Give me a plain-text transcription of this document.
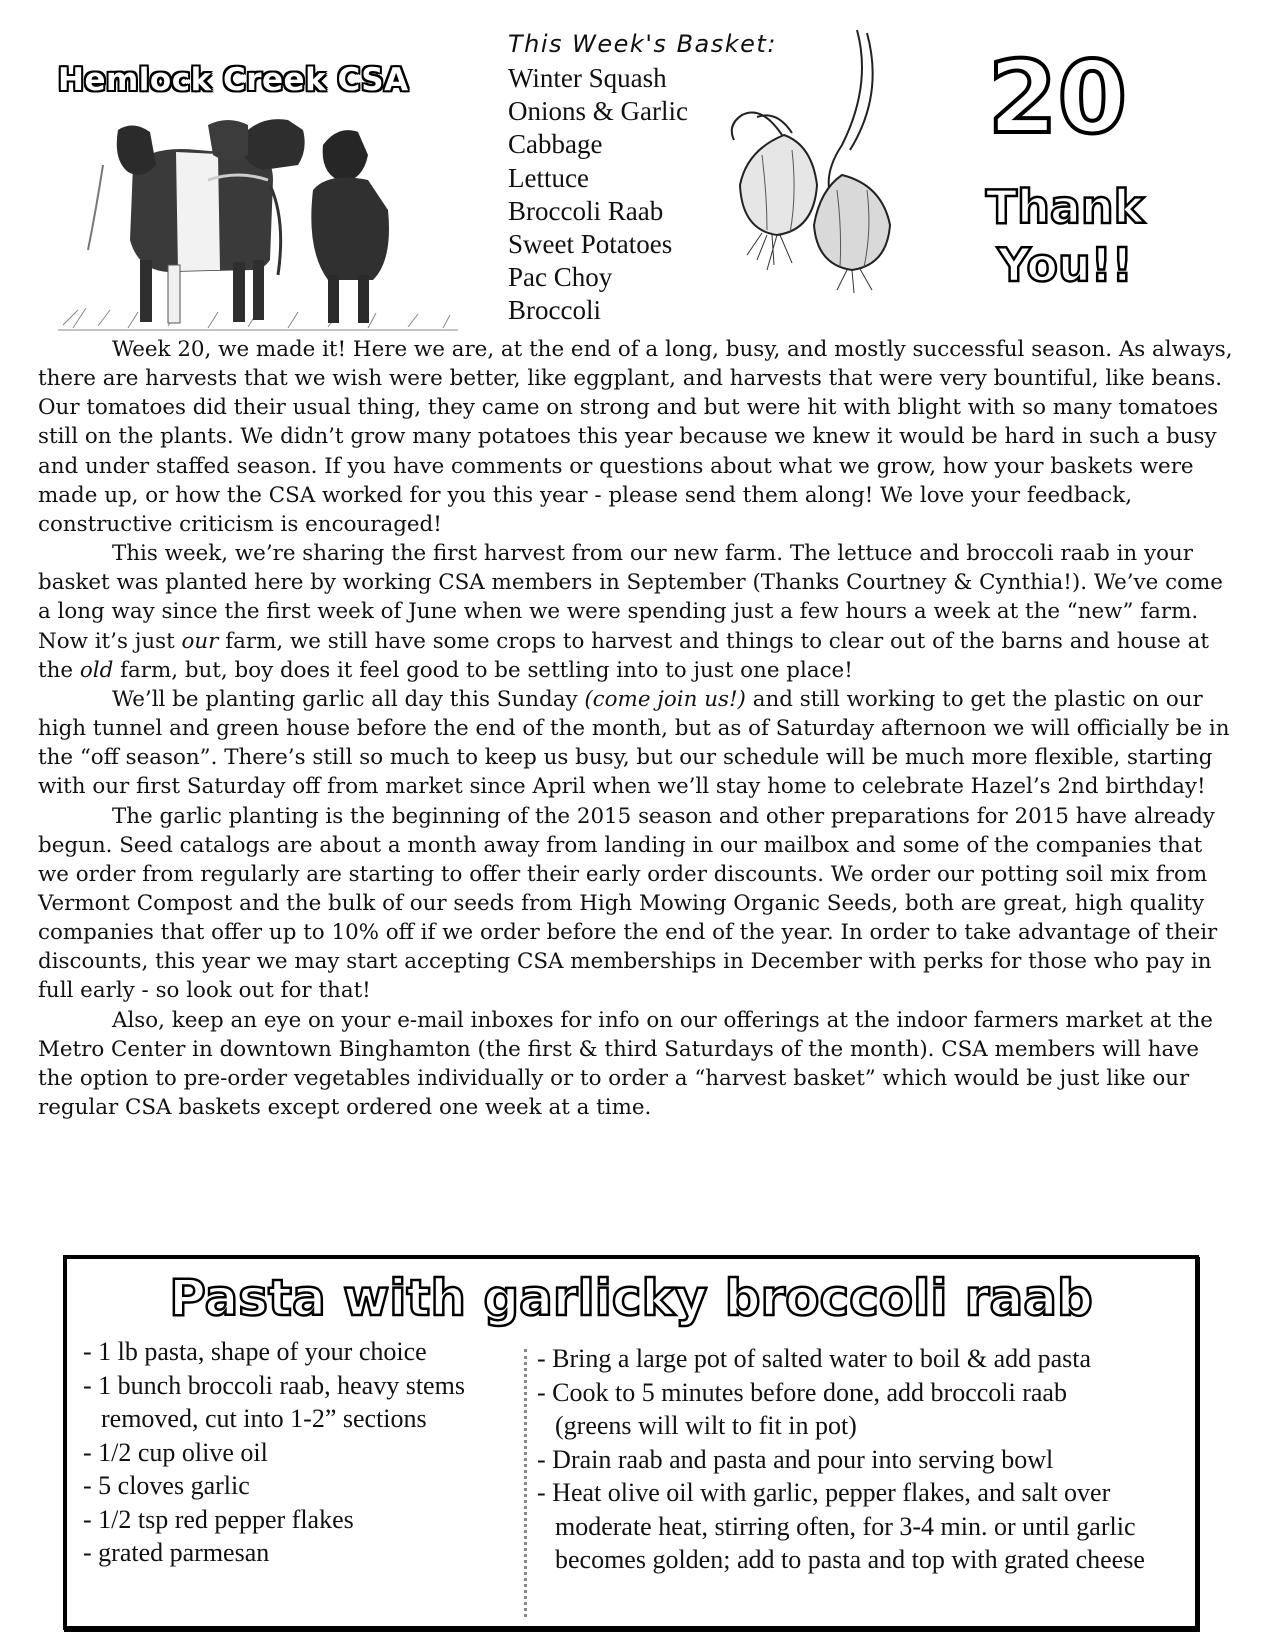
Hemlock Creek CSA
This Week's Basket:
Winter Squash
Onions & Garlic
Cabbage
Lettuce
Broccoli Raab
Sweet Potatoes
Pac Choy
Broccoli
20
Thank
You!!

Week 20, we made it! Here we are, at the end of a long, busy, and mostly successful season. As always, there are harvests that we wish were better, like eggplant, and harvests that were very bountiful, like beans. Our tomatoes did their usual thing, they came on strong and but were hit with blight with so many tomatoes still on the plants. We didn’t grow many potatoes this year because we knew it would be hard in such a busy and under staffed season. If you have comments or questions about what we grow, how your baskets were made up, or how the CSA worked for you this year - please send them along! We love your feedback, constructive criticism is encouraged!

This week, we’re sharing the first harvest from our new farm. The lettuce and broccoli raab in your basket was planted here by working CSA members in September (Thanks Courtney & Cynthia!). We’ve come a long way since the first week of June when we were spending just a few hours a week at the “new” farm. Now it’s just our farm, we still have some crops to harvest and things to clear out of the barns and house at the old farm, but, boy does it feel good to be settling into to just one place!

We’ll be planting garlic all day this Sunday (come join us!) and still working to get the plastic on our high tunnel and green house before the end of the month, but as of Saturday afternoon we will officially be in the “off season”. There’s still so much to keep us busy, but our schedule will be much more flexible, starting with our first Saturday off from market since April when we’ll stay home to celebrate Hazel’s 2nd birthday!

The garlic planting is the beginning of the 2015 season and other preparations for 2015 have already begun. Seed catalogs are about a month away from landing in our mailbox and some of the companies that we order from regularly are starting to offer their early order discounts. We order our potting soil mix from Vermont Compost and the bulk of our seeds from High Mowing Organic Seeds, both are great, high quality companies that offer up to 10% off if we order before the end of the year. In order to take advantage of their discounts, this year we may start accepting CSA memberships in December with perks for those who pay in full early - so look out for that!

Also, keep an eye on your e-mail inboxes for info on our offerings at the indoor farmers market at the Metro Center in downtown Binghamton (the first & third Saturdays of the month). CSA members will have the option to pre-order vegetables individually or to order a “harvest basket” which would be just like our regular CSA baskets except ordered one week at a time.

Pasta with garlicky broccoli raab
- 1 lb pasta, shape of your choice
- 1 bunch broccoli raab, heavy stems removed, cut into 1-2” sections
- 1/2 cup olive oil
- 5 cloves garlic
- 1/2 tsp red pepper flakes
- grated parmesan
- Bring a large pot of salted water to boil & add pasta
- Cook to 5 minutes before done, add broccoli raab (greens will wilt to fit in pot)
- Drain raab and pasta and pour into serving bowl
- Heat olive oil with garlic, pepper flakes, and salt over moderate heat, stirring often, for 3-4 min. or until garlic becomes golden; add to pasta and top with grated cheese
